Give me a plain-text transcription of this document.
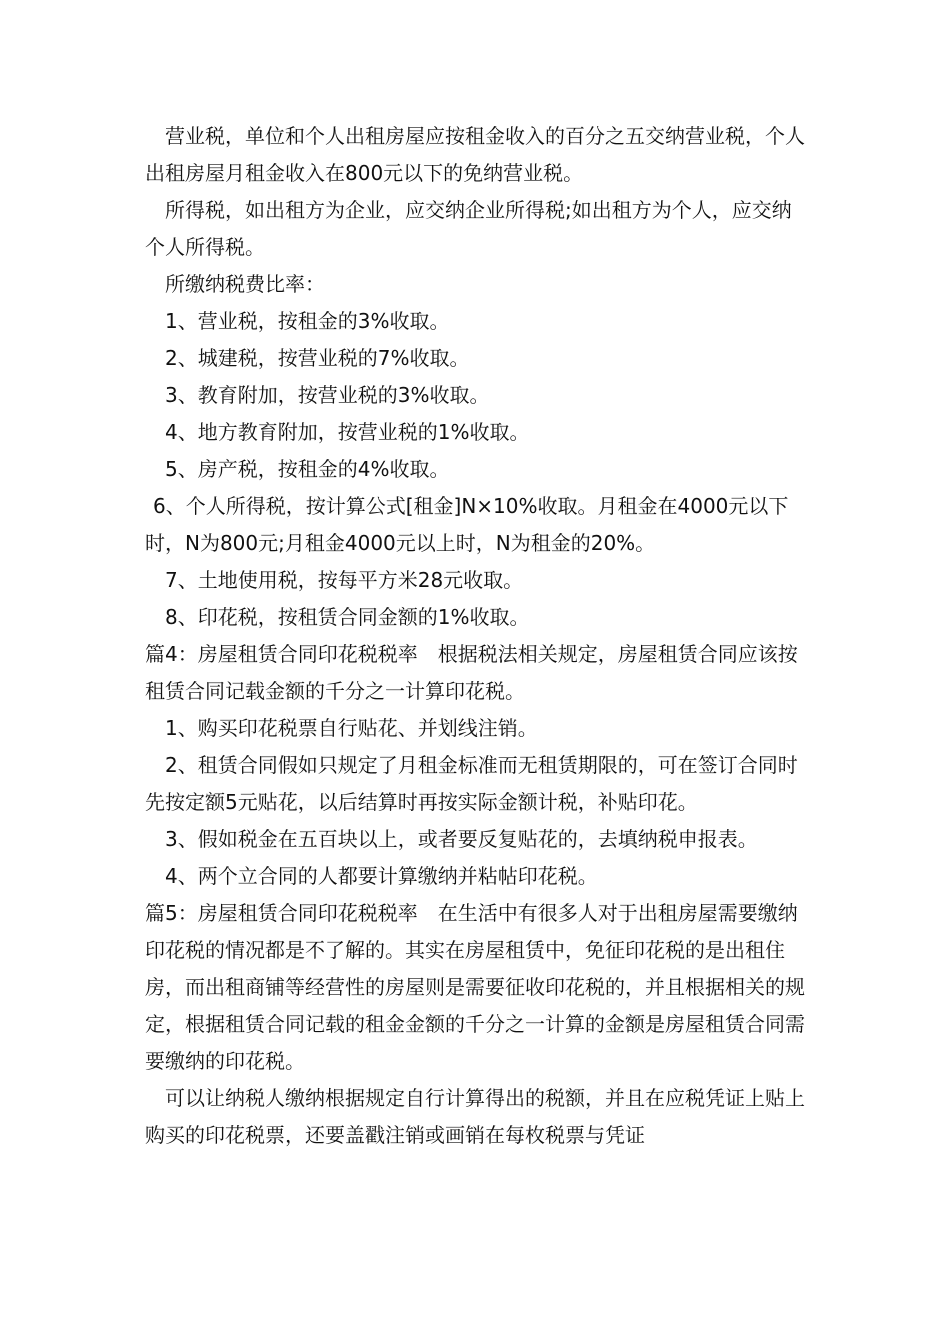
营业税，单位和个人出租房屋应按租金收入的百分之五交纳营业税，个人出租房屋月租金收入在800元以下的免纳营业税。

所得税，如出租方为企业，应交纳企业所得税;如出租方为个人，应交纳个人所得税。

所缴纳税费比率：

1、营业税，按租金的3%收取。

2、城建税，按营业税的7%收取。

3、教育附加，按营业税的3%收取。

4、地方教育附加，按营业税的1%收取。

5、房产税，按租金的4%收取。

6、个人所得税，按计算公式[租金]N×10%收取。月租金在4000元以下时，N为800元;月租金4000元以上时，N为租金的20%。

7、土地使用税，按每平方米28元收取。

8、印花税，按租赁合同金额的1%收取。

篇4：房屋租赁合同印花税税率　根据税法相关规定，房屋租赁合同应该按租赁合同记载金额的千分之一计算印花税。

1、购买印花税票自行贴花、并划线注销。

2、租赁合同假如只规定了月租金标准而无租赁期限的，可在签订合同时先按定额5元贴花，以后结算时再按实际金额计税，补贴印花。

3、假如税金在五百块以上，或者要反复贴花的，去填纳税申报表。

4、两个立合同的人都要计算缴纳并粘帖印花税。

篇5：房屋租赁合同印花税税率　在生活中有很多人对于出租房屋需要缴纳印花税的情况都是不了解的。其实在房屋租赁中，免征印花税的是出租住房，而出租商铺等经营性的房屋则是需要征收印花税的，并且根据相关的规定，根据租赁合同记载的租金金额的千分之一计算的金额是房屋租赁合同需要缴纳的印花税。

可以让纳税人缴纳根据规定自行计算得出的税额，并且在应税凭证上贴上购买的印花税票，还要盖戳注销或画销在每枚税票与凭证
